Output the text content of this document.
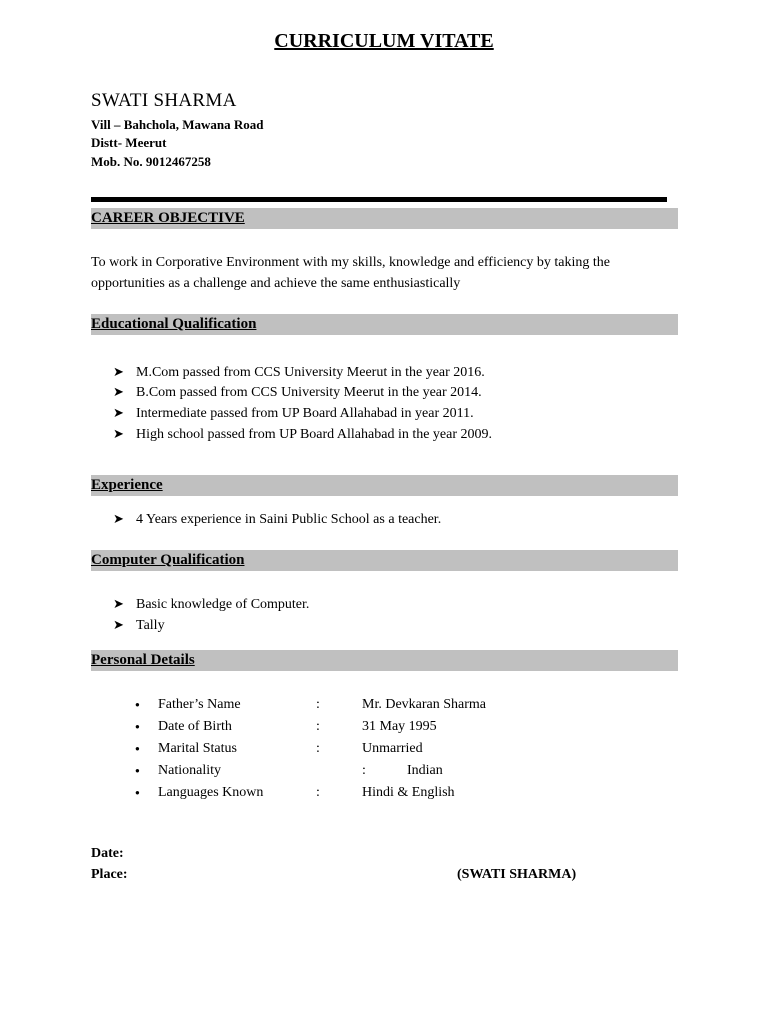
CURRICULUM VITATE
SWATI SHARMA
Vill – Bahchola, Mawana Road
Distt- Meerut
Mob. No. 9012467258
CAREER OBJECTIVE
To work in Corporative Environment with my skills, knowledge and efficiency by taking the
opportunities as a challenge and achieve the same enthusiastically
Educational Qualification
➤ M.Com passed from CCS University Meerut in the year 2016.
➤ B.Com passed from CCS University Meerut in the year 2014.
➤ Intermediate passed from UP Board Allahabad in year 2011.
➤ High school passed from UP Board Allahabad in the year 2009.
Experience
➤ 4 Years experience in Saini Public School as a teacher.
Computer Qualification
➤ Basic knowledge of Computer.
➤ Tally
Personal Details
● Father’s Name	:	Mr. Devkaran Sharma
● Date of Birth	:	31 May 1995
● Marital Status	:	Unmarried
● Nationality	:	Indian
● Languages Known	:	Hindi & English
Date:
Place:	(SWATI SHARMA)
